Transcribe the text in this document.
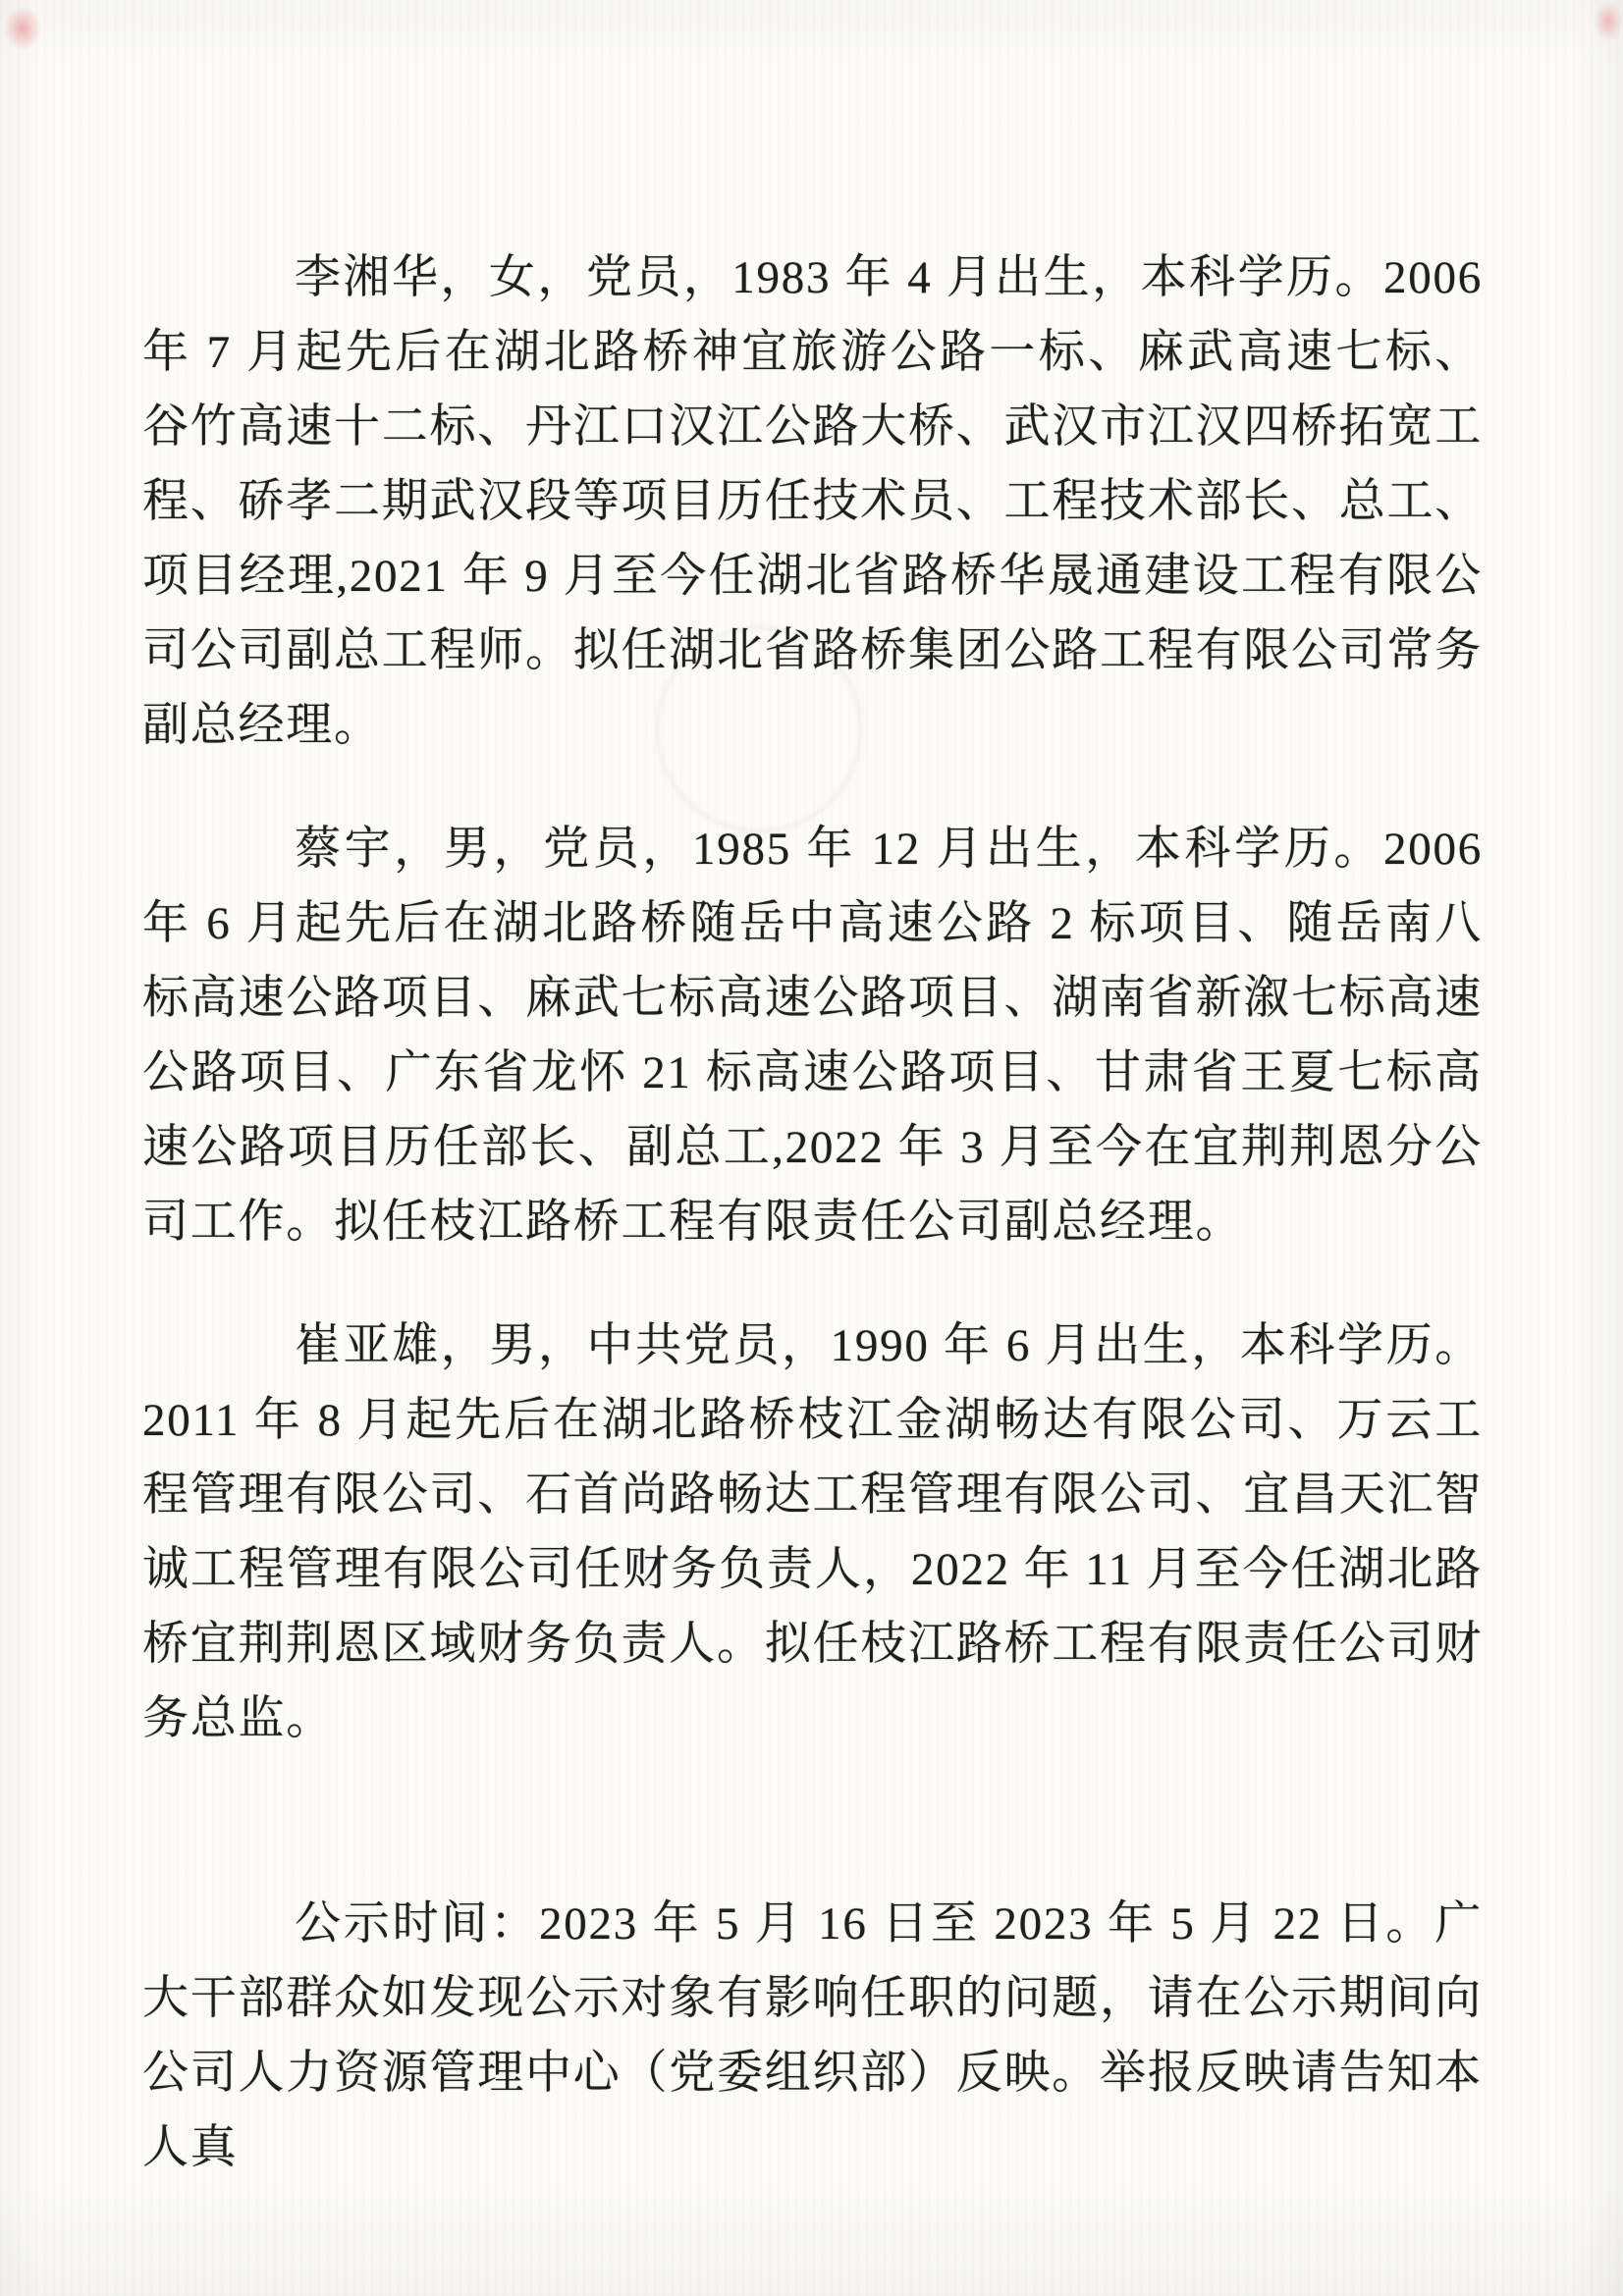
李湘华，女，党员，1983 年 4 月出生，本科学历。2006 年 7 月起先后在湖北路桥神宜旅游公路一标、麻武高速七标、谷竹高速十二标、丹江口汉江公路大桥、武汉市江汉四桥拓宽工程、硚孝二期武汉段等项目历任技术员、工程技术部长、总工、项目经理,2021 年 9 月至今任湖北省路桥华晟通建设工程有限公司公司副总工程师。拟任湖北省路桥集团公路工程有限公司常务副总经理。

蔡宇，男，党员，1985 年 12 月出生，本科学历。2006 年 6 月起先后在湖北路桥随岳中高速公路 2 标项目、随岳南八标高速公路项目、麻武七标高速公路项目、湖南省新溆七标高速公路项目、广东省龙怀 21 标高速公路项目、甘肃省王夏七标高速公路项目历任部长、副总工,2022 年 3 月至今在宜荆荆恩分公司工作。拟任枝江路桥工程有限责任公司副总经理。

崔亚雄，男，中共党员，1990 年 6 月出生，本科学历。2011 年 8 月起先后在湖北路桥枝江金湖畅达有限公司、万云工程管理有限公司、石首尚路畅达工程管理有限公司、宜昌天汇智诚工程管理有限公司任财务负责人，2022 年 11 月至今任湖北路桥宜荆荆恩区域财务负责人。拟任枝江路桥工程有限责任公司财务总监。

公示时间：2023 年 5 月 16 日至 2023 年 5 月 22 日。广大干部群众如发现公示对象有影响任职的问题，请在公示期间向公司人力资源管理中心（党委组织部）反映。举报反映请告知本人真
